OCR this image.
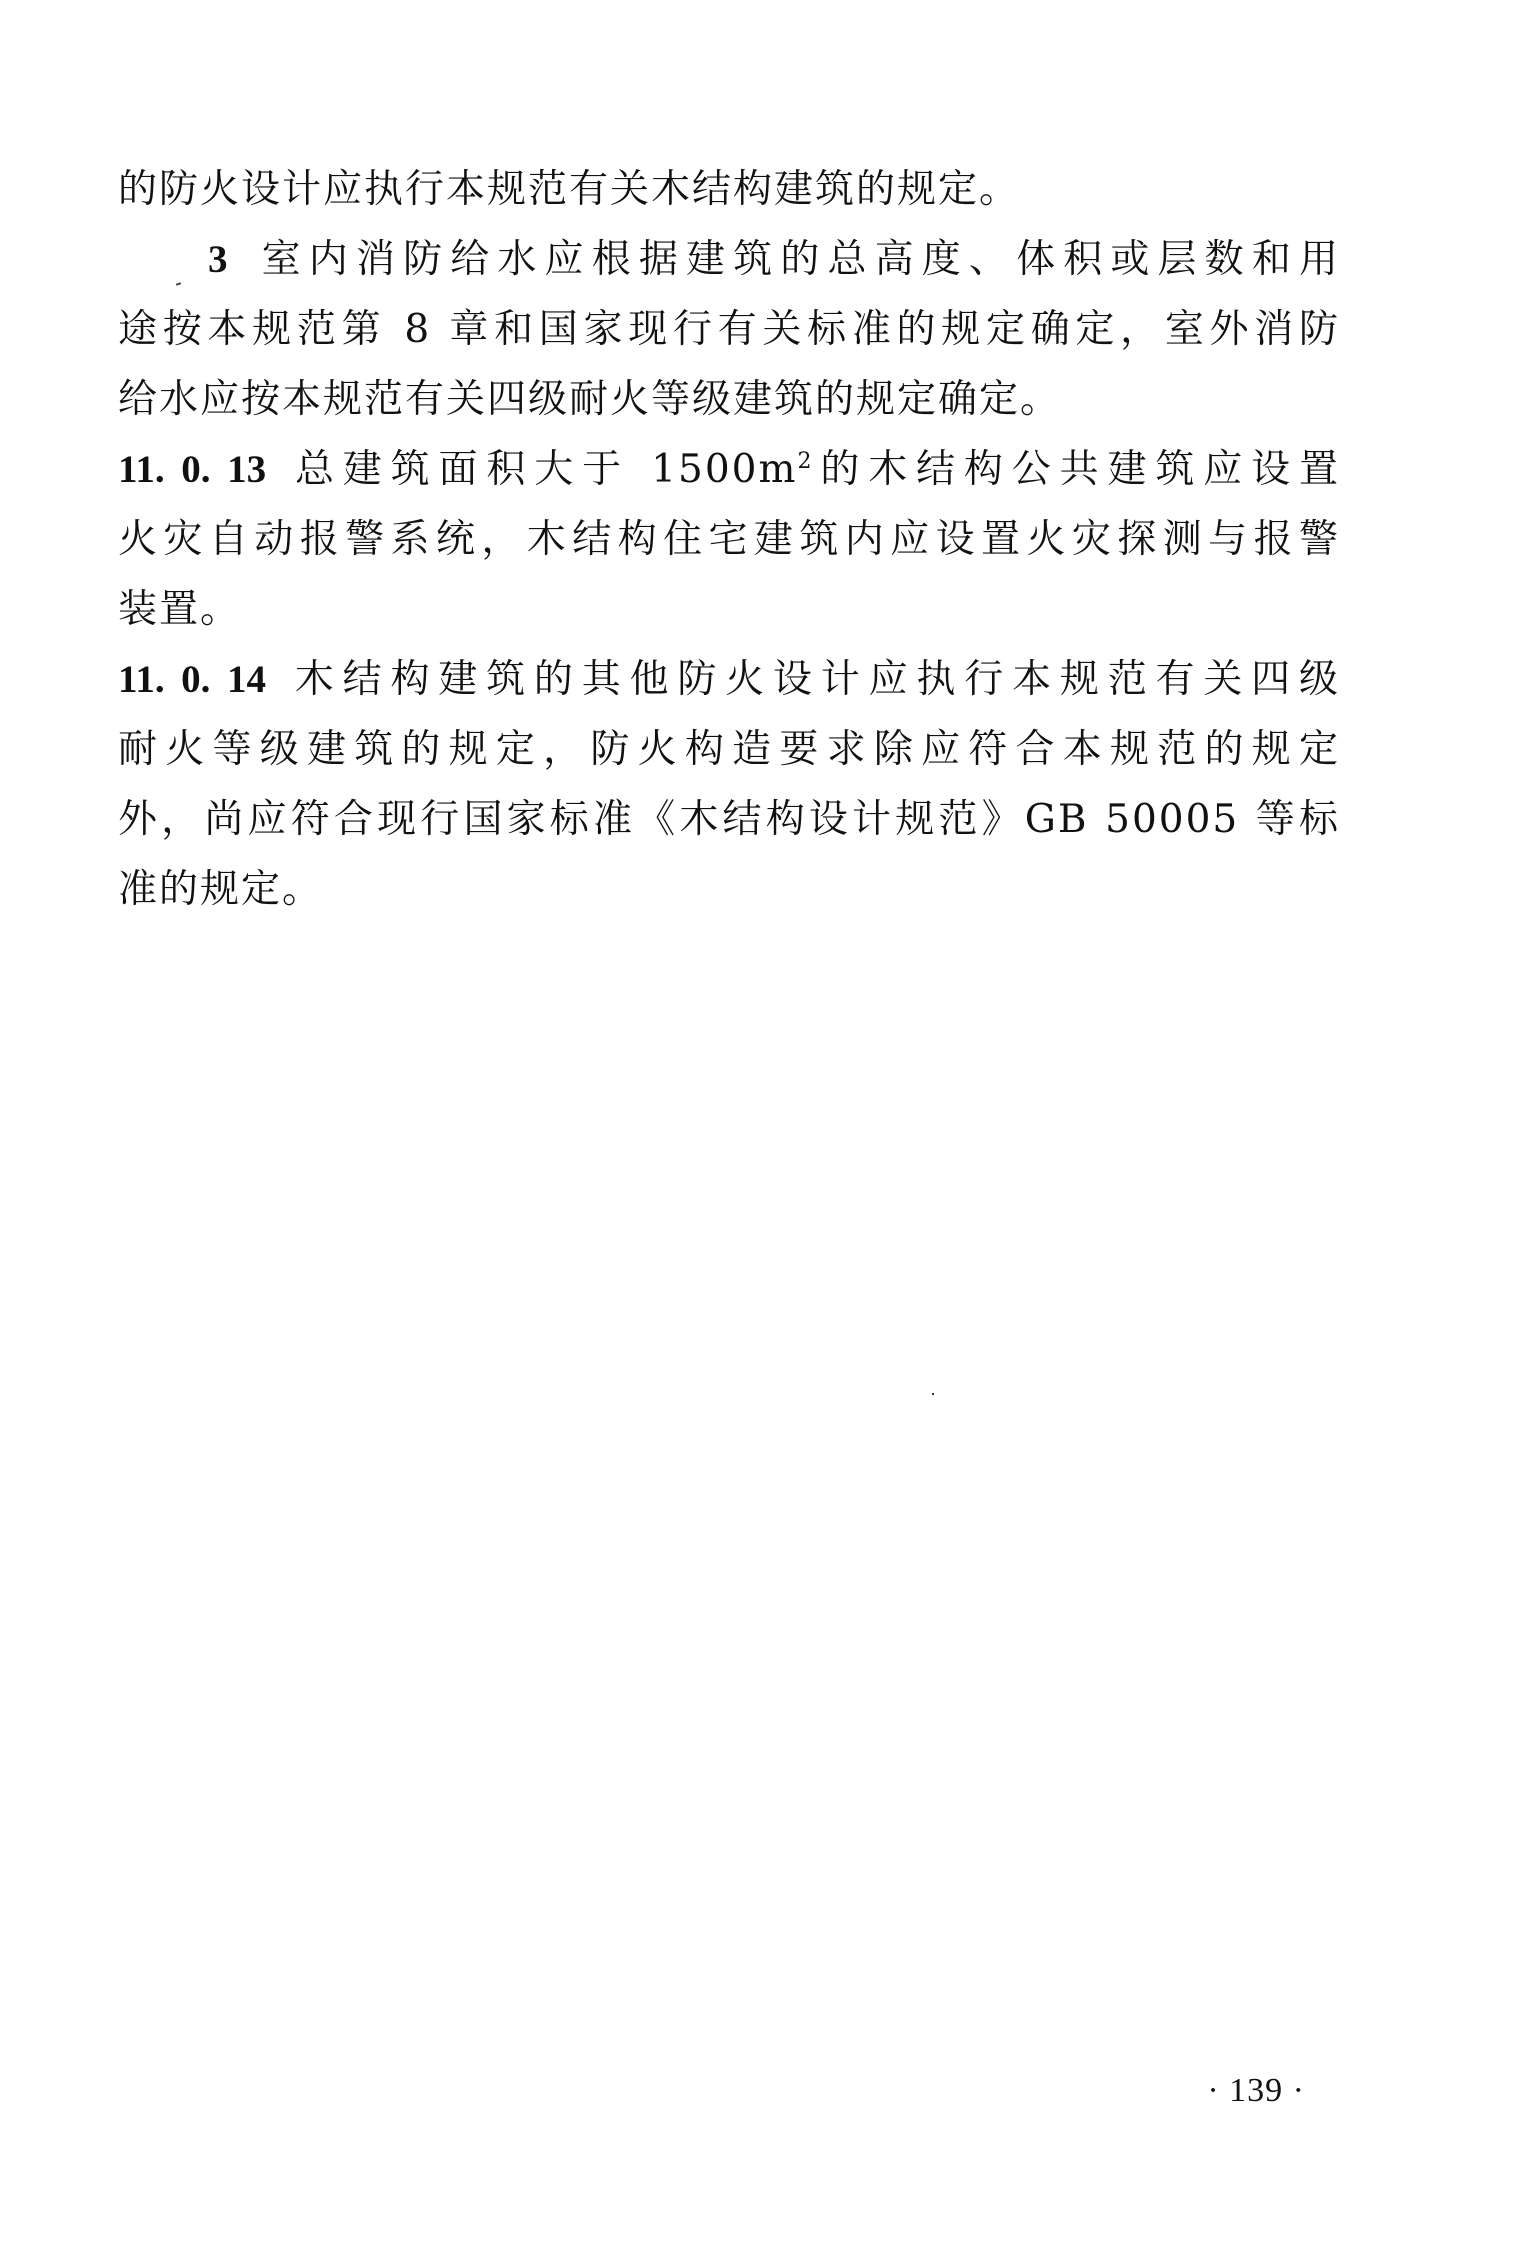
的防火设计应执行本规范有关木结构建筑的规定。
3 室内消防给水应根据建筑的总高度、体积或层数和用
途按本规范第 8 章和国家现行有关标准的规定确定，室外消防
给水应按本规范有关四级耐火等级建筑的规定确定。
11. 0. 13 总建筑面积大于 $1500m^2$的木结构公共建筑应设置
火灾自动报警系统，木结构住宅建筑内应设置火灾探测与报警
装置。
11. 0. 14 木结构建筑的其他防火设计应执行本规范有关四级
耐火等级建筑的规定，防火构造要求除应符合本规范的规定
外，尚应符合现行国家标准《木结构设计规范》GB 50005 等标
准的规定。
· 139 ·
